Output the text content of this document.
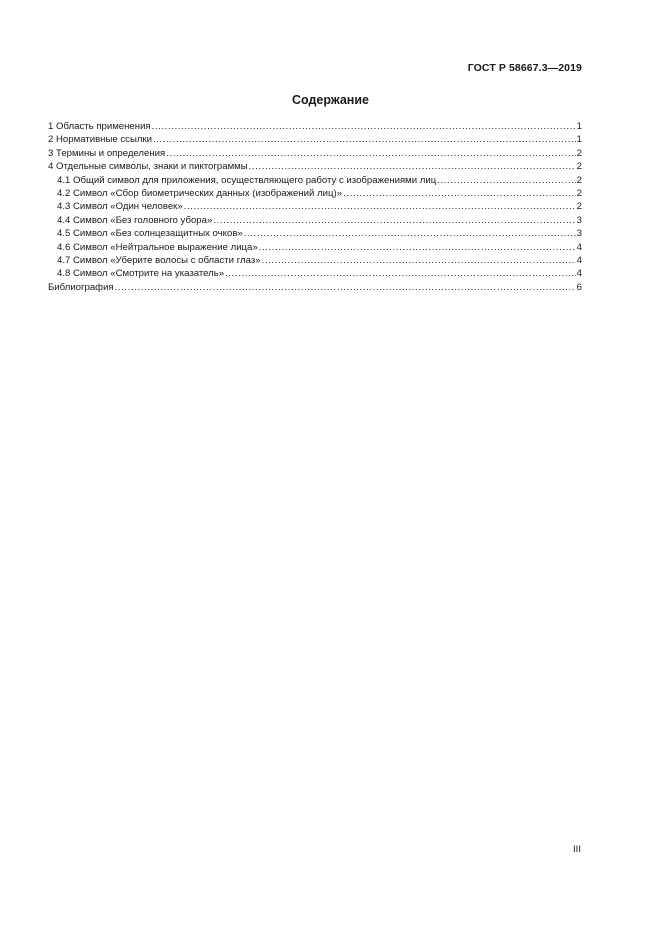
ГОСТ Р 58667.3—2019
Содержание
1 Область применения .....	1
2 Нормативные ссылки .....	1
3 Термины и определения .....	2
4 Отдельные символы, знаки и пиктограммы .....	2
4.1 Общий символ для приложения, осуществляющего работу с изображениями лиц .....	2
4.2 Символ «Сбор биометрических данных (изображений лиц)» .....	2
4.3 Символ «Один человек» .....	2
4.4 Символ «Без головного убора» .....	3
4.5 Символ «Без солнцезащитных очков» .....	3
4.6 Символ «Нейтральное выражение лица» .....	4
4.7 Символ «Уберите волосы с области глаз» .....	4
4.8 Символ «Смотрите на указатель» .....	4
Библиография .....	6
III
